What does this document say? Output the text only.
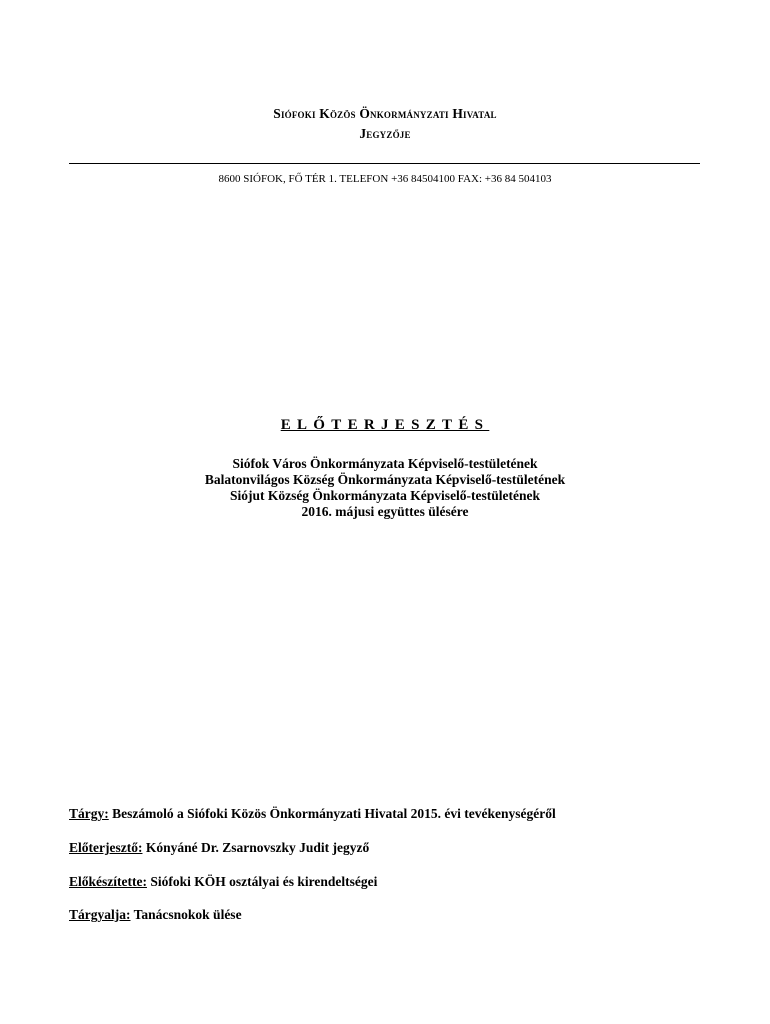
Siófoki Közös Önkormányzati Hivatal
Jegyzője
8600 SIÓFOK, FŐ TÉR 1. TELEFON +36 84504100 FAX: +36 84 504103
ELŐTERJESZTÉS
Siófok Város Önkormányzata Képviselő-testületének
Balatonvilágos Község Önkormányzata Képviselő-testületének
Siójut Község Önkormányzata Képviselő-testületének
2016. májusi együttes ülésére
Tárgy: Beszámoló a Siófoki Közös Önkormányzati Hivatal 2015. évi tevékenységéről
Előterjesztő: Kónyáné Dr. Zsarnovszky Judit jegyző
Előkészítette: Siófoki KÖH osztályai és kirendeltségei
Tárgyalja: Tanácsnokok ülése
